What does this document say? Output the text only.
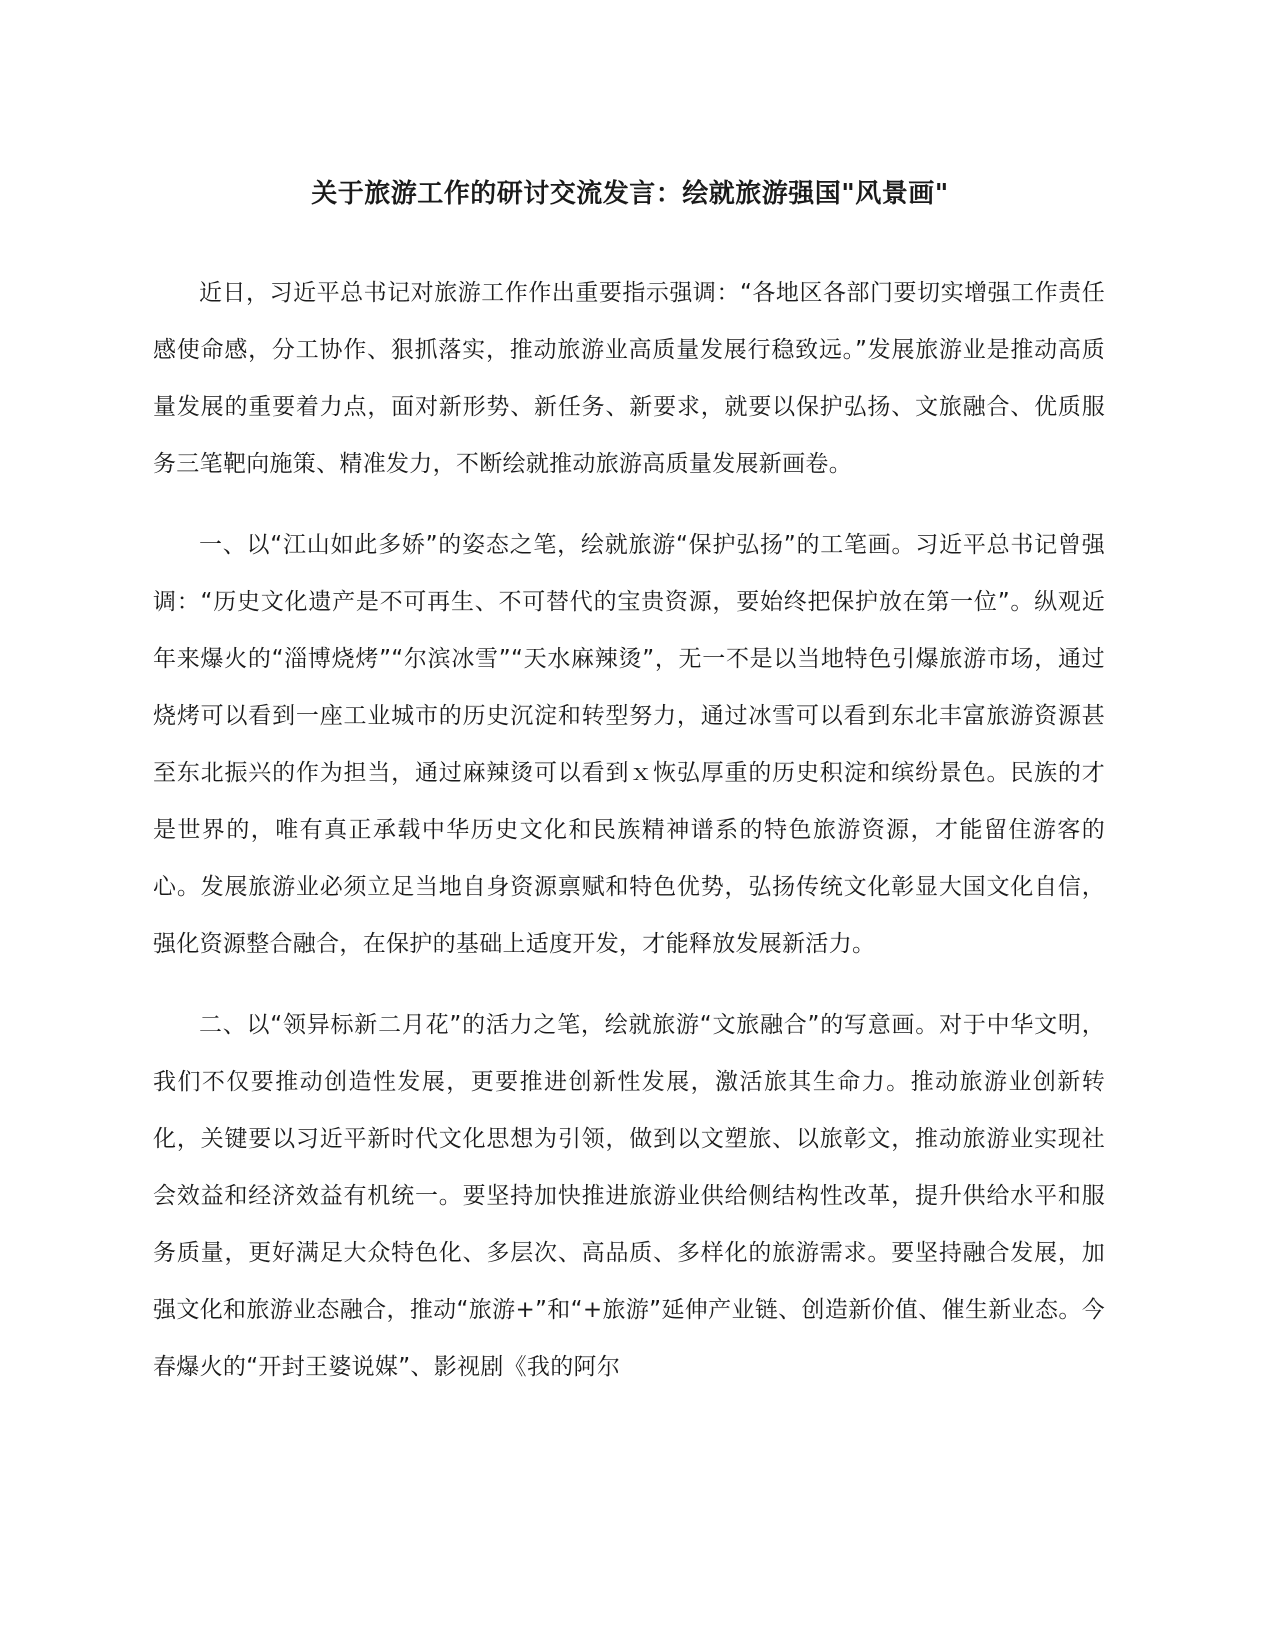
关于旅游工作的研讨交流发言：绘就旅游强国"风景画"

近日，习近平总书记对旅游工作作出重要指示强调：“各地区各部门要切实增强工作责任感使命感，分工协作、狠抓落实，推动旅游业高质量发展行稳致远。”发展旅游业是推动高质量发展的重要着力点，面对新形势、新任务、新要求，就要以保护弘扬、文旅融合、优质服务三笔靶向施策、精准发力，不断绘就推动旅游高质量发展新画卷。

一、以“江山如此多娇”的姿态之笔，绘就旅游“保护弘扬”的工笔画。习近平总书记曾强调：“历史文化遗产是不可再生、不可替代的宝贵资源，要始终把保护放在第一位”。纵观近年来爆火的“淄博烧烤”“尔滨冰雪”“天水麻辣烫”，无一不是以当地特色引爆旅游市场，通过烧烤可以看到一座工业城市的历史沉淀和转型努力，通过冰雪可以看到东北丰富旅游资源甚至东北振兴的作为担当，通过麻辣烫可以看到ｘ恢弘厚重的历史积淀和缤纷景色。民族的才是世界的，唯有真正承载中华历史文化和民族精神谱系的特色旅游资源，才能留住游客的心。发展旅游业必须立足当地自身资源禀赋和特色优势，弘扬传统文化彰显大国文化自信，强化资源整合融合，在保护的基础上适度开发，才能释放发展新活力。

二、以“领异标新二月花”的活力之笔，绘就旅游“文旅融合”的写意画。对于中华文明，我们不仅要推动创造性发展，更要推进创新性发展，激活旅其生命力。推动旅游业创新转化，关键要以习近平新时代文化思想为引领，做到以文塑旅、以旅彰文，推动旅游业实现社会效益和经济效益有机统一。要坚持加快推进旅游业供给侧结构性改革，提升供给水平和服务质量，更好满足大众特色化、多层次、高品质、多样化的旅游需求。要坚持融合发展，加强文化和旅游业态融合，推动“旅游+”和“+旅游”延伸产业链、创造新价值、催生新业态。今春爆火的“开封王婆说媒”、影视剧《我的阿尔
